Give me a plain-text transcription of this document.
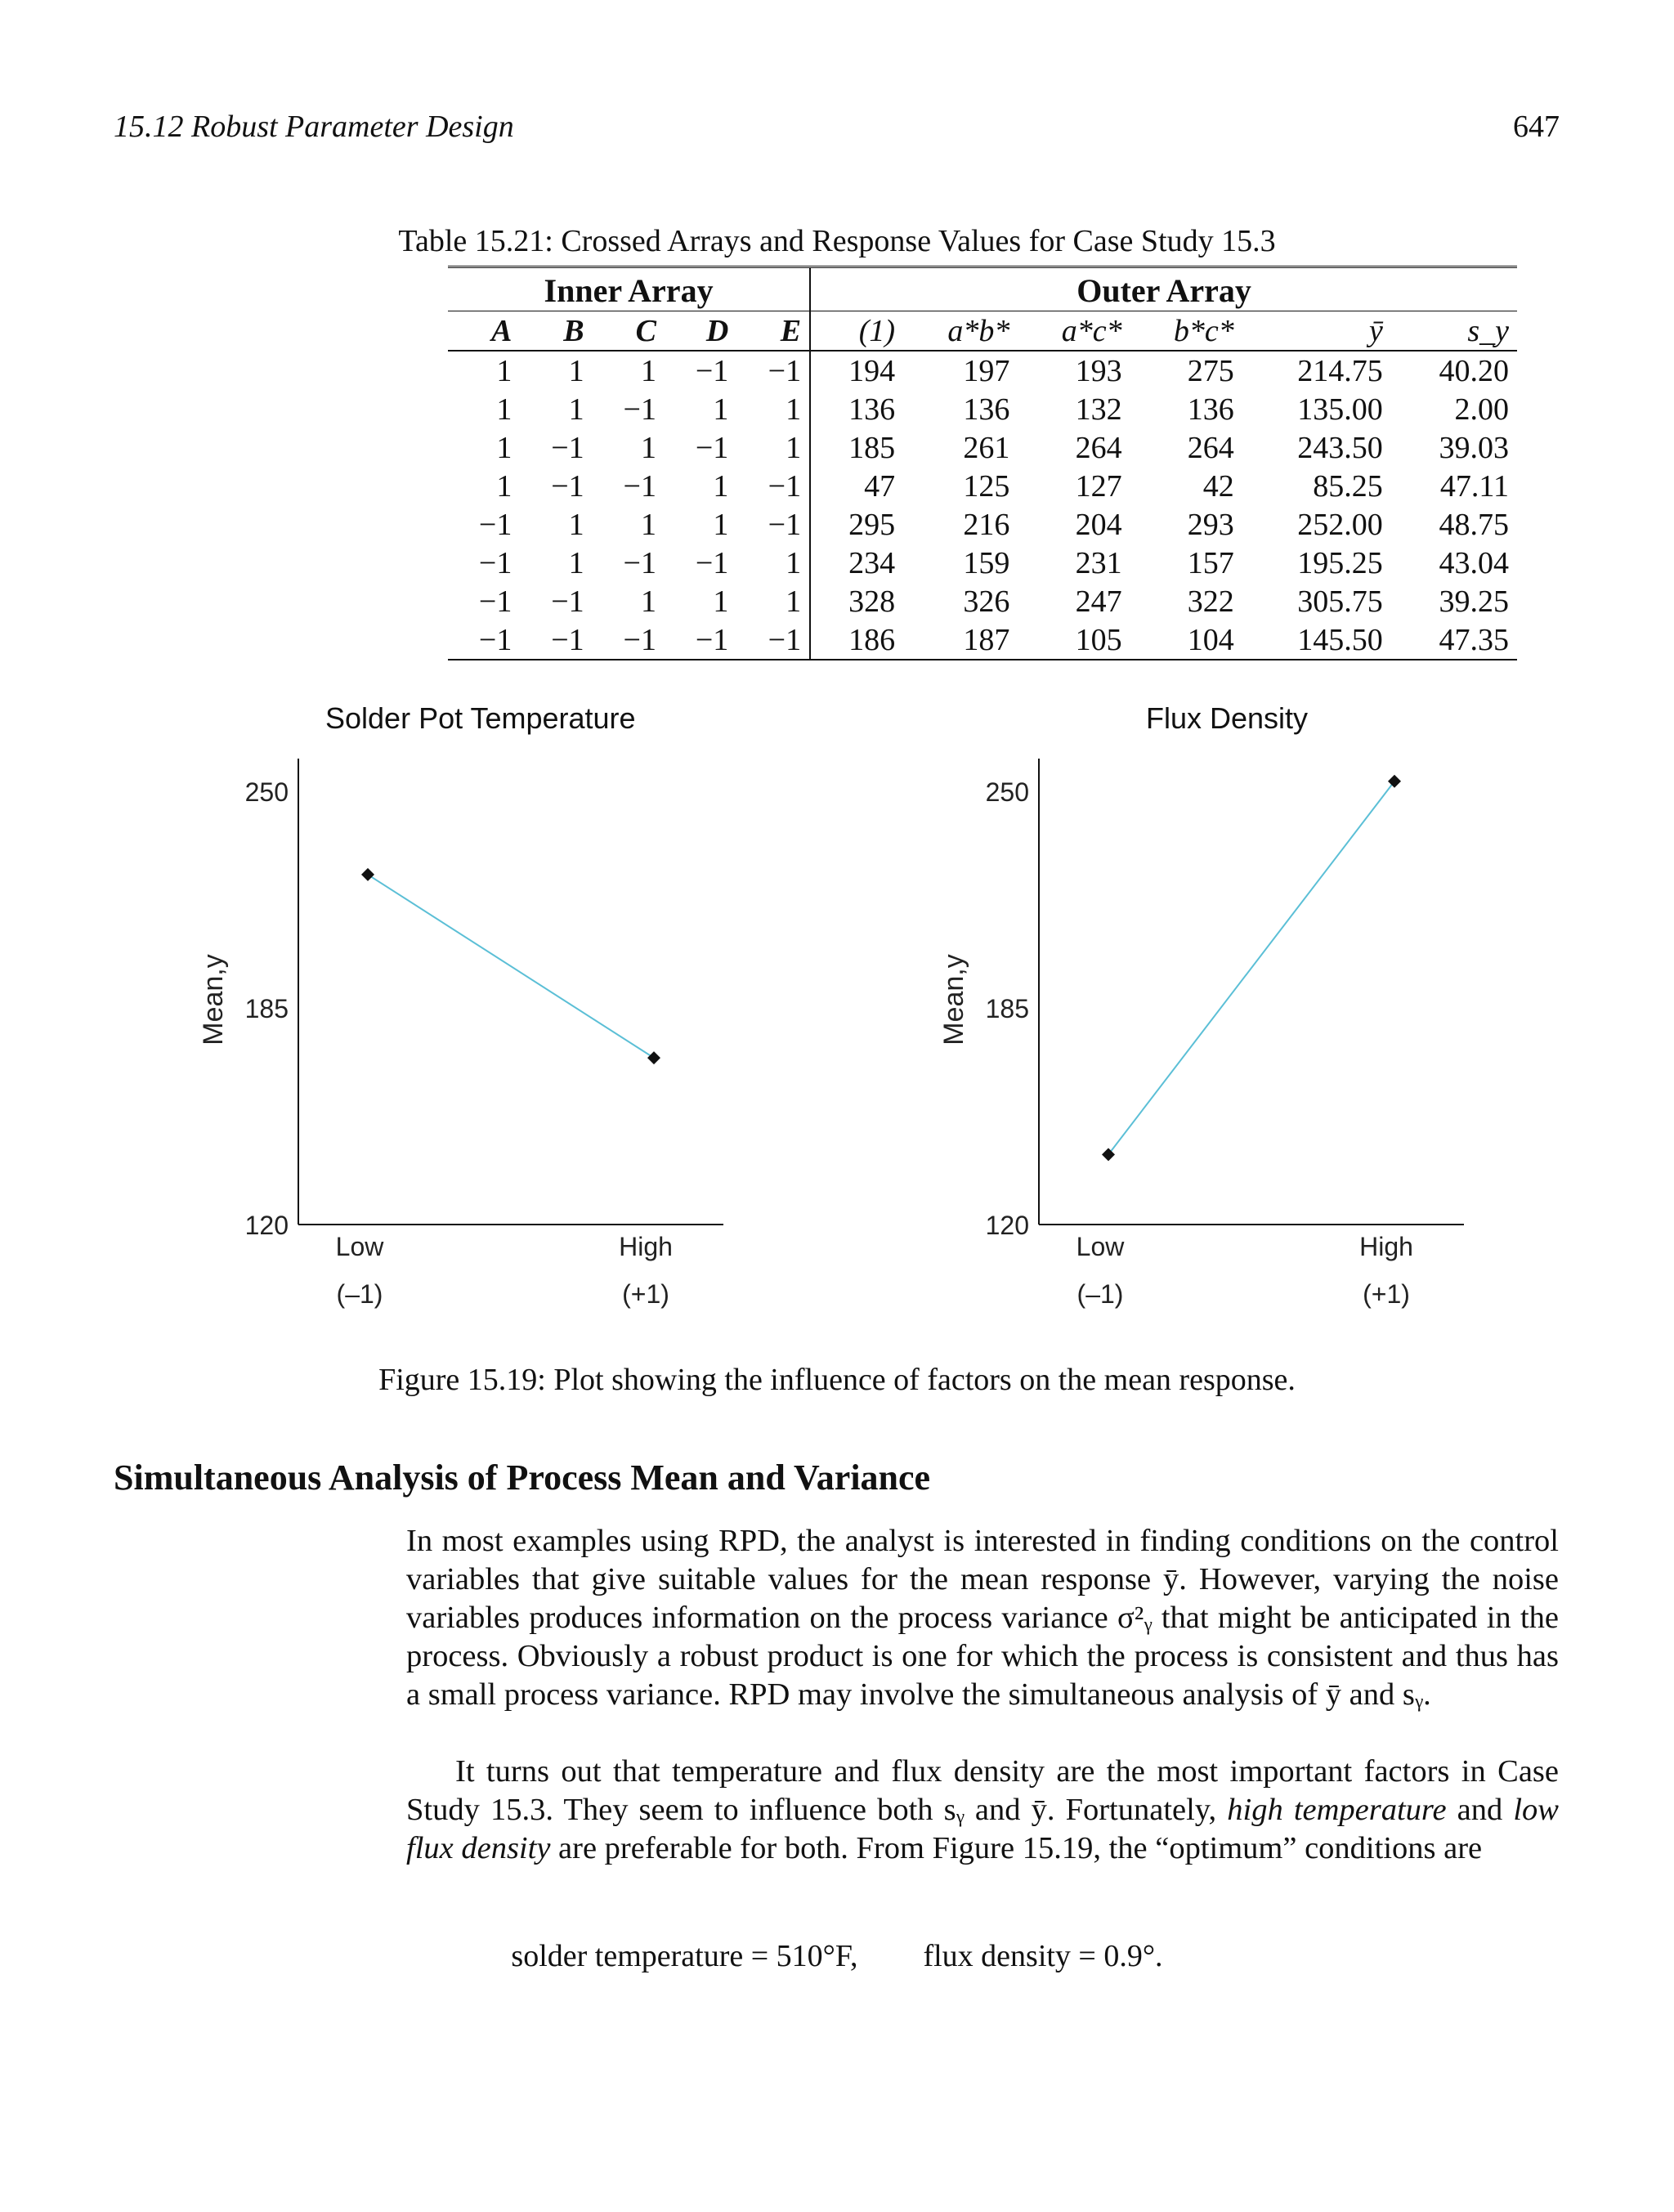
15.12 Robust Parameter Design	647
Table 15.21: Crossed Arrays and Response Values for Case Study 15.3
Inner Array					Outer Array					
A	B	C	D	E	(1)	a*b*	a*c*	b*c*	ȳ	s_y
1	1	1	−1	−1	194	197	193	275	214.75	40.20
1	1	−1	1	1	136	136	132	136	135.00	2.00
1	−1	1	−1	1	185	261	264	264	243.50	39.03
1	−1	−1	1	−1	47	125	127	42	85.25	47.11
−1	1	1	1	−1	295	216	204	293	252.00	48.75
−1	1	−1	−1	1	234	159	231	157	195.25	43.04
−1	−1	1	1	1	328	326	247	322	305.75	39.25
−1	−1	−1	−1	−1	186	187	105	104	145.50	47.35
Solder Pot Temperature
250
185
120
Mean,y
Low
(–1)
High
(+1)
Flux Density
250
185
120
Mean,y
Low
(–1)
High
(+1)
Figure 15.19: Plot showing the influence of factors on the mean response.
Simultaneous Analysis of Process Mean and Variance
In most examples using RPD, the analyst is interested in finding conditions on the control variables that give suitable values for the mean response ȳ. However, varying the noise variables produces information on the process variance σ²ᵧ that might be anticipated in the process. Obviously a robust product is one for which the process is consistent and thus has a small process variance. RPD may involve the simultaneous analysis of ȳ and sᵧ.
It turns out that temperature and flux density are the most important factors in Case Study 15.3. They seem to influence both sᵧ and ȳ. Fortunately, high temperature and low flux density are preferable for both. From Figure 15.19, the “optimum” conditions are
solder temperature = 510°F, flux density = 0.9°.
